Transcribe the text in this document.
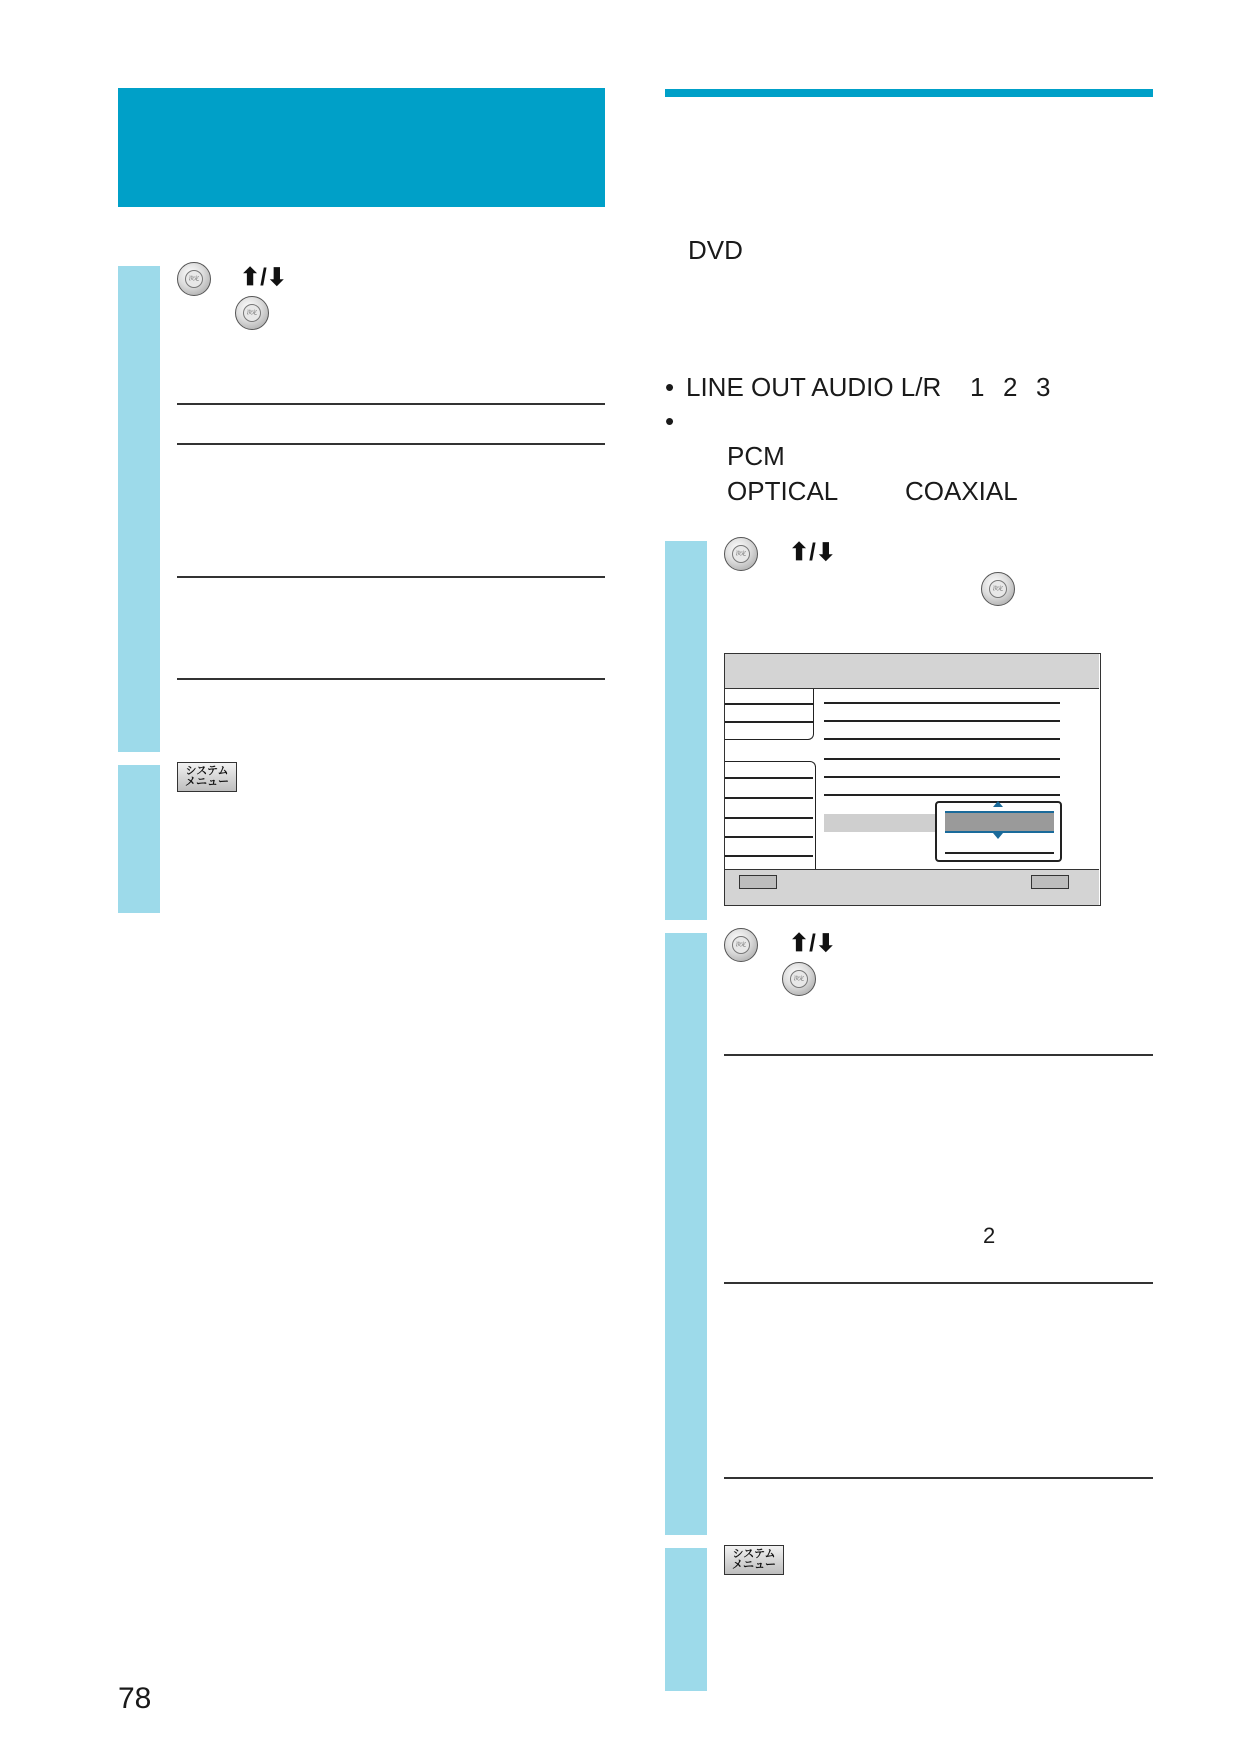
決定 ⬆/⬇
決定
システム
メニュー
78
DVD
• LINE OUT AUDIO L/R 1 2 3
•
PCM
OPTICAL	COAXIAL
決定 ⬆/⬇
決定
決定 ⬆/⬇
決定
2
システム
メニュー
